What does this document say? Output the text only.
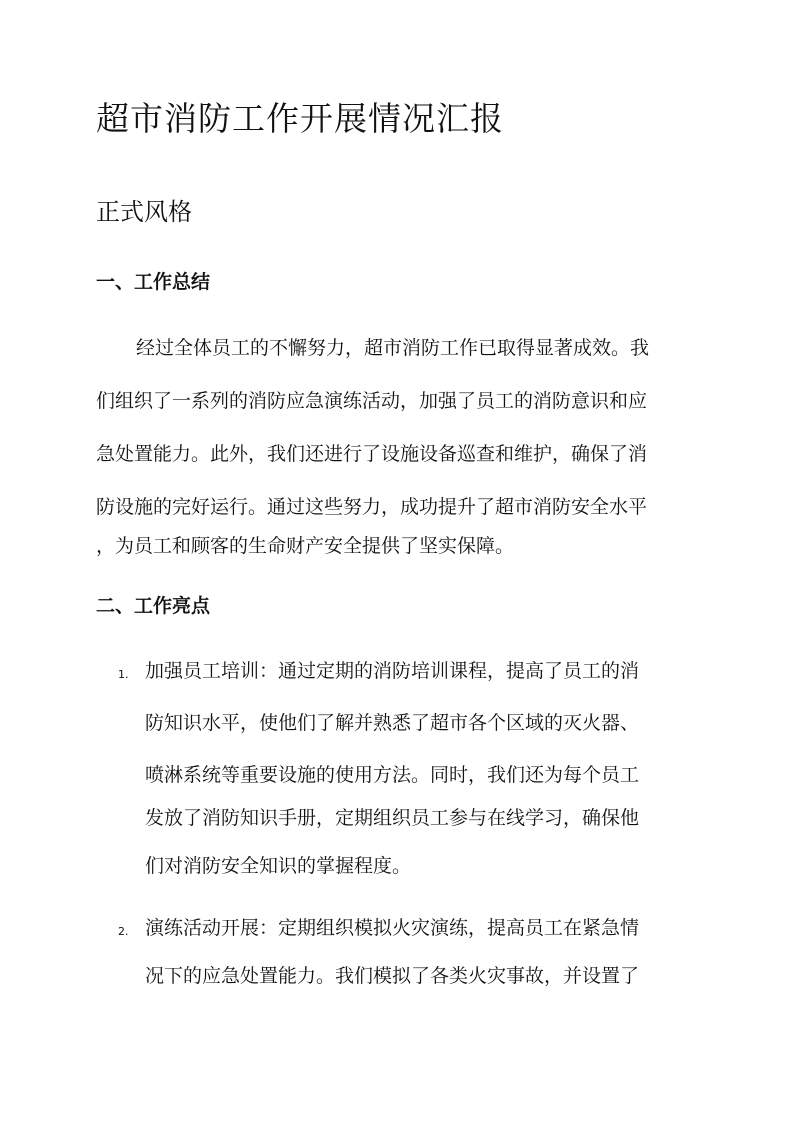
超市消防工作开展情况汇报
正式风格
一、工作总结

经过全体员工的不懈努力，超市消防工作已取得显著成效。我

们组织了一系列的消防应急演练活动，加强了员工的消防意识和应

急处置能力。此外，我们还进行了设施设备巡查和维护，确保了消

防设施的完好运行。通过这些努力，成功提升了超市消防安全水平

，为员工和顾客的生命财产安全提供了坚实保障。

二、工作亮点
1. 加强员工培训：通过定期的消防培训课程，提高了员工的消

防知识水平，使他们了解并熟悉了超市各个区域的灭火器、

喷淋系统等重要设施的使用方法。同时，我们还为每个员工

发放了消防知识手册，定期组织员工参与在线学习，确保他

们对消防安全知识的掌握程度。

2. 演练活动开展：定期组织模拟火灾演练，提高员工在紧急情

况下的应急处置能力。我们模拟了各类火灾事故，并设置了
